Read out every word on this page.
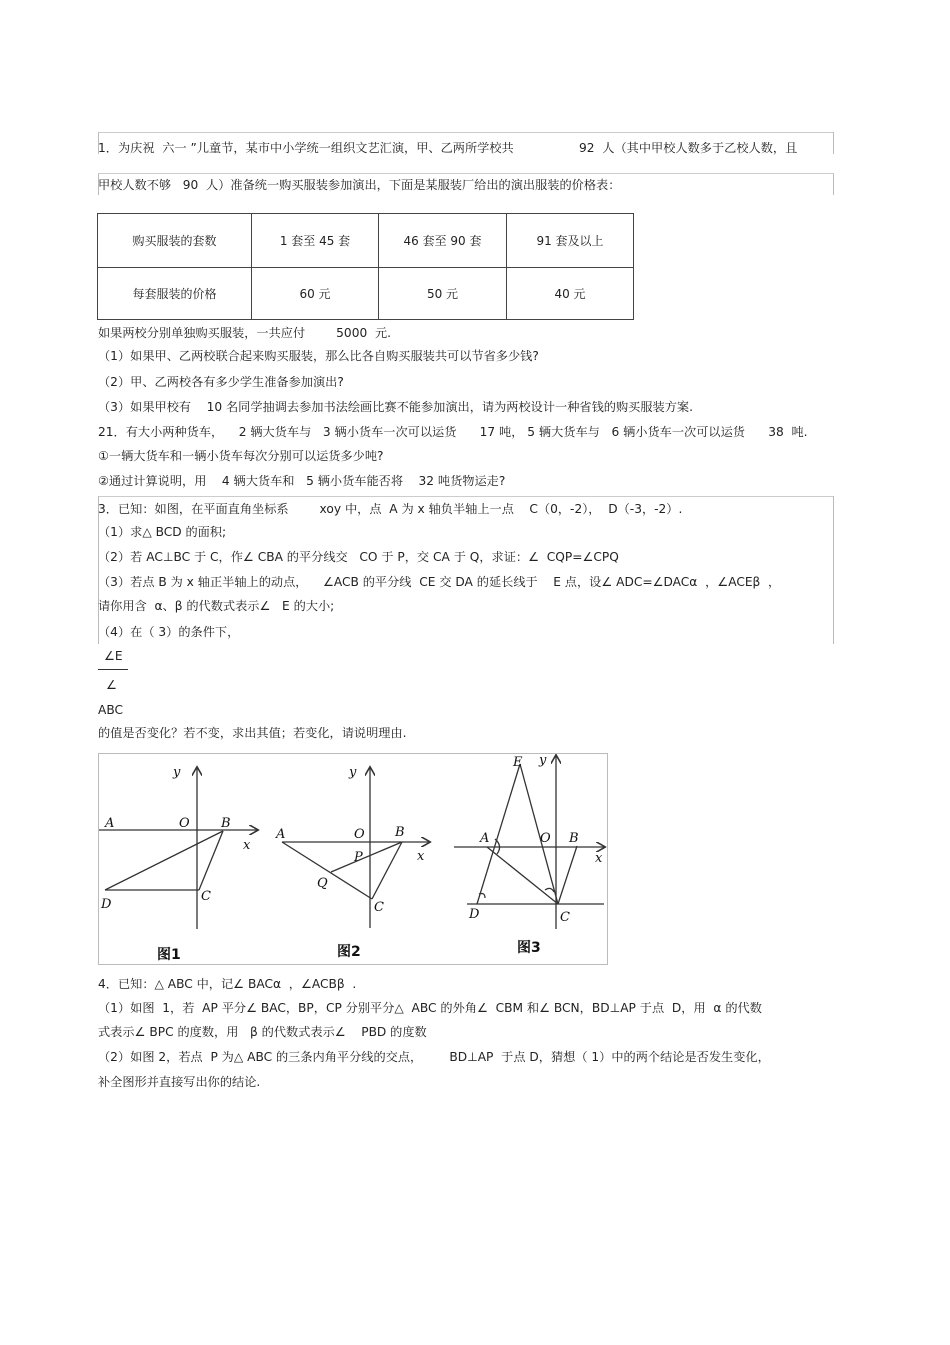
1．为庆祝  六一 ”儿童节，某市中小学统一组织文艺汇演，甲、乙两所学校共	92  人（其中甲校人数多于乙校人数，且
甲校人数不够   90  人）准备统一购买服装参加演出，下面是某服装厂给出的演出服装的价格表：
购买服装的套数	1 套至 45 套	46 套至 90 套	91 套及以上
每套服装的价格	60 元	50 元	40 元
如果两校分别单独购买服装，一共应付        5000  元.
（1）如果甲、乙两校联合起来购买服装，那么比各自购买服装共可以节省多少钱?
（2）甲、乙两校各有多少学生准备参加演出?
（3）如果甲校有    10 名同学抽调去参加书法绘画比赛不能参加演出，请为两校设计一种省钱的购买服装方案.
21．有大小两种货车，    2 辆大货车与   3 辆小货车一次可以运货      17 吨， 5 辆大货车与   6 辆小货车一次可以运货      38  吨.
①一辆大货车和一辆小货车每次分别可以运货多少吨?
②通过计算说明，用    4 辆大货车和   5 辆小货车能否将    32 吨货物运走?
3．已知：如图，在平面直角坐标系        xoy 中，点  A 为 x 轴负半轴上一点    C（0，-2），  D（-3，-2）.
（1）求△ BCD 的面积;
（2）若 AC⊥BC 于 C，作∠ CBA 的平分线交   CO 于 P，交 CA 于 Q，求证：∠  CQP=∠CPQ
（3）若点 B 为 x 轴正半轴上的动点，    ∠ACB 的平分线  CE 交 DA 的延长线于    E 点，设∠ ADC=∠DACα  ，∠ACEβ  ，
请你用含  α、β 的代数式表示∠   E 的大小;
（4）在（ 3）的条件下，
∠E
∠
ABC
的值是否变化？若不变，求出其值；若变化，请说明理由.
y
A	O B
x
D
C
y
A	O B
P	x
Q
C
E y
A	O B
x
D	C
图1	图2	图3
4．已知：△ ABC 中，记∠ BACα  ，∠ACBβ  .
（1）如图  1，若  AP 平分∠ BAC，BP，CP 分别平分△  ABC 的外角∠  CBM 和∠ BCN，BD⊥AP 于点  D，用  α 的代数
式表示∠ BPC 的度数，用   β 的代数式表示∠    PBD 的度数
（2）如图 2，若点  P 为△ ABC 的三条内角平分线的交点，       BD⊥AP  于点 D，猜想（ 1）中的两个结论是否发生变化，
补全图形并直接写出你的结论.
